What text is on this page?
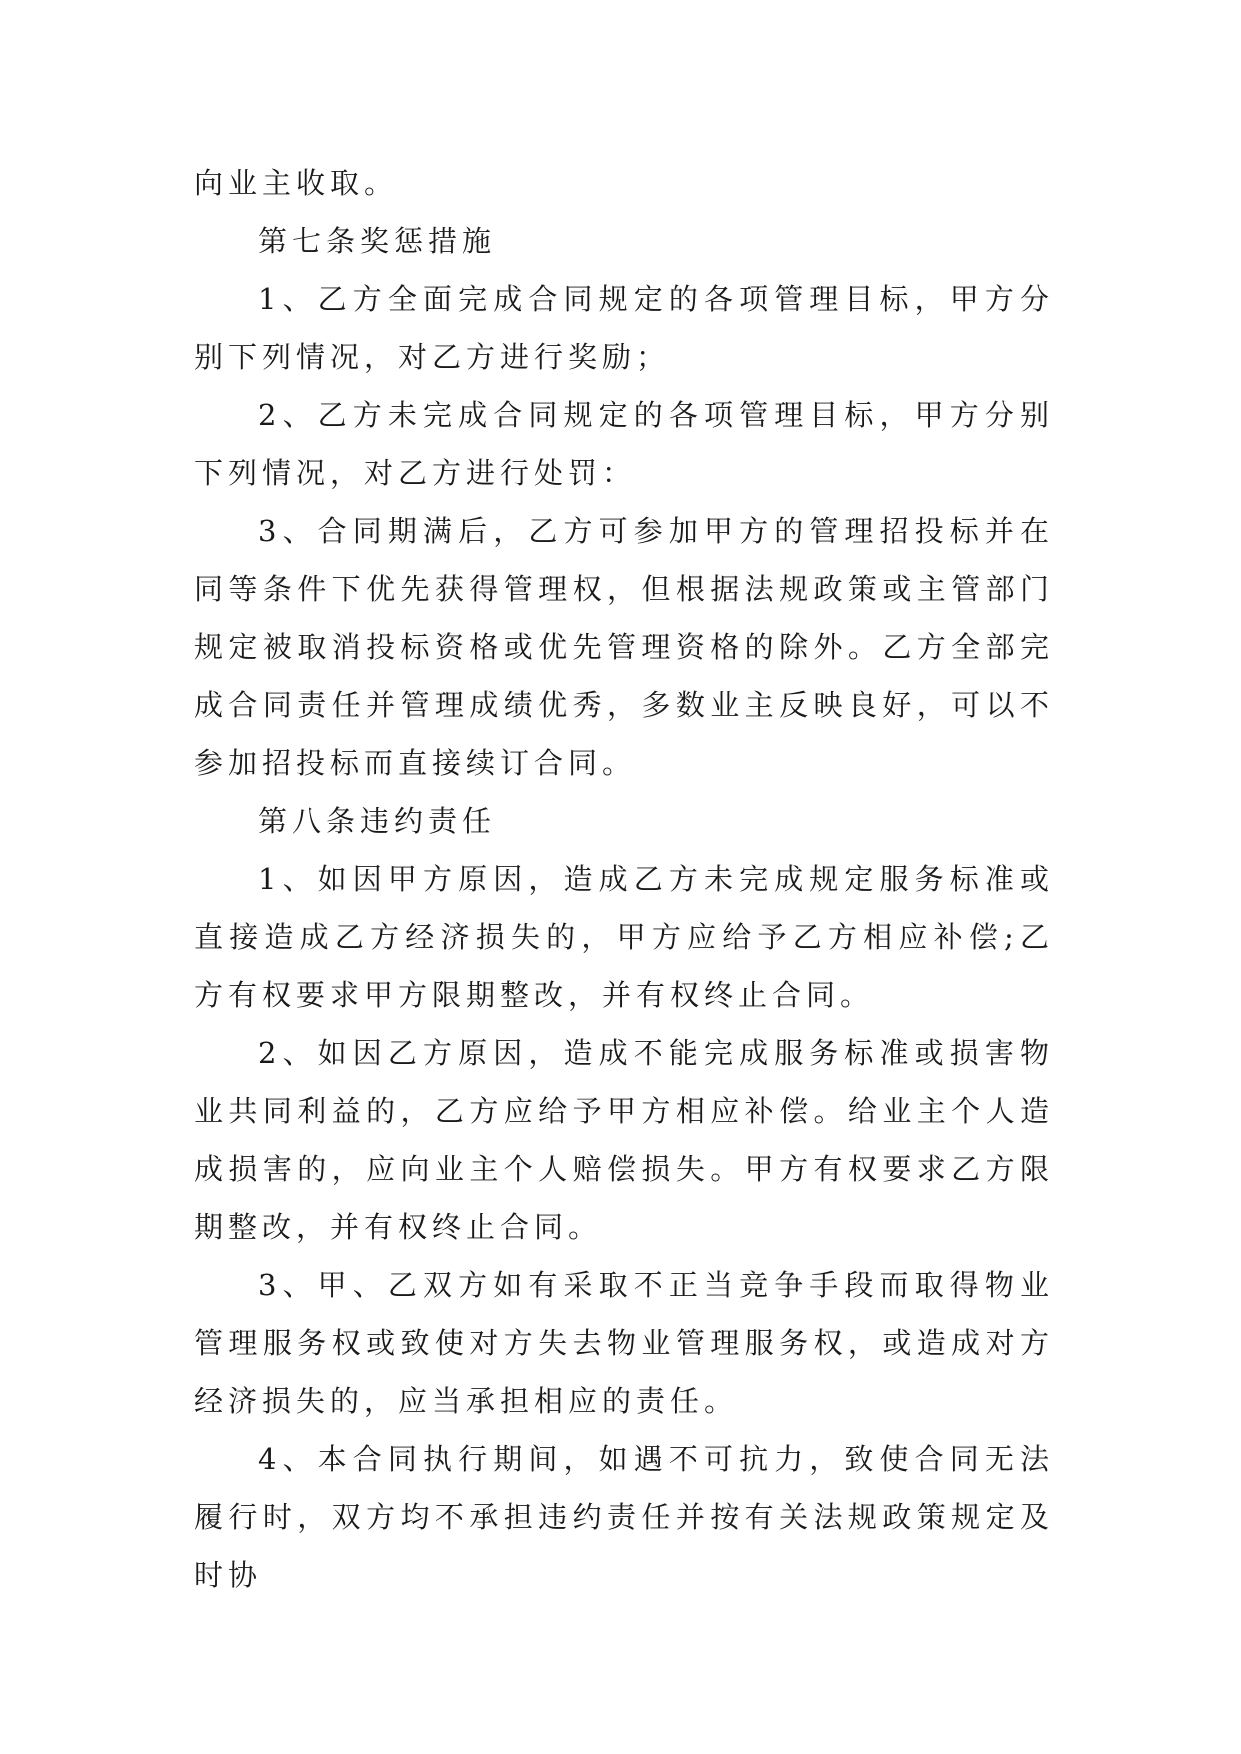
向业主收取。

第七条奖惩措施

1、乙方全面完成合同规定的各项管理目标，甲方分别下列情况，对乙方进行奖励；

2、乙方未完成合同规定的各项管理目标，甲方分别下列情况，对乙方进行处罚：

3、合同期满后，乙方可参加甲方的管理招投标并在同等条件下优先获得管理权，但根据法规政策或主管部门规定被取消投标资格或优先管理资格的除外。乙方全部完成合同责任并管理成绩优秀，多数业主反映良好，可以不参加招投标而直接续订合同。

第八条违约责任

1、如因甲方原因，造成乙方未完成规定服务标准或直接造成乙方经济损失的，甲方应给予乙方相应补偿;乙方有权要求甲方限期整改，并有权终止合同。

2、如因乙方原因，造成不能完成服务标准或损害物业共同利益的，乙方应给予甲方相应补偿。给业主个人造成损害的，应向业主个人赔偿损失。甲方有权要求乙方限期整改，并有权终止合同。

3、甲、乙双方如有采取不正当竞争手段而取得物业管理服务权或致使对方失去物业管理服务权，或造成对方经济损失的，应当承担相应的责任。

4、本合同执行期间，如遇不可抗力，致使合同无法履行时，双方均不承担违约责任并按有关法规政策规定及时协
